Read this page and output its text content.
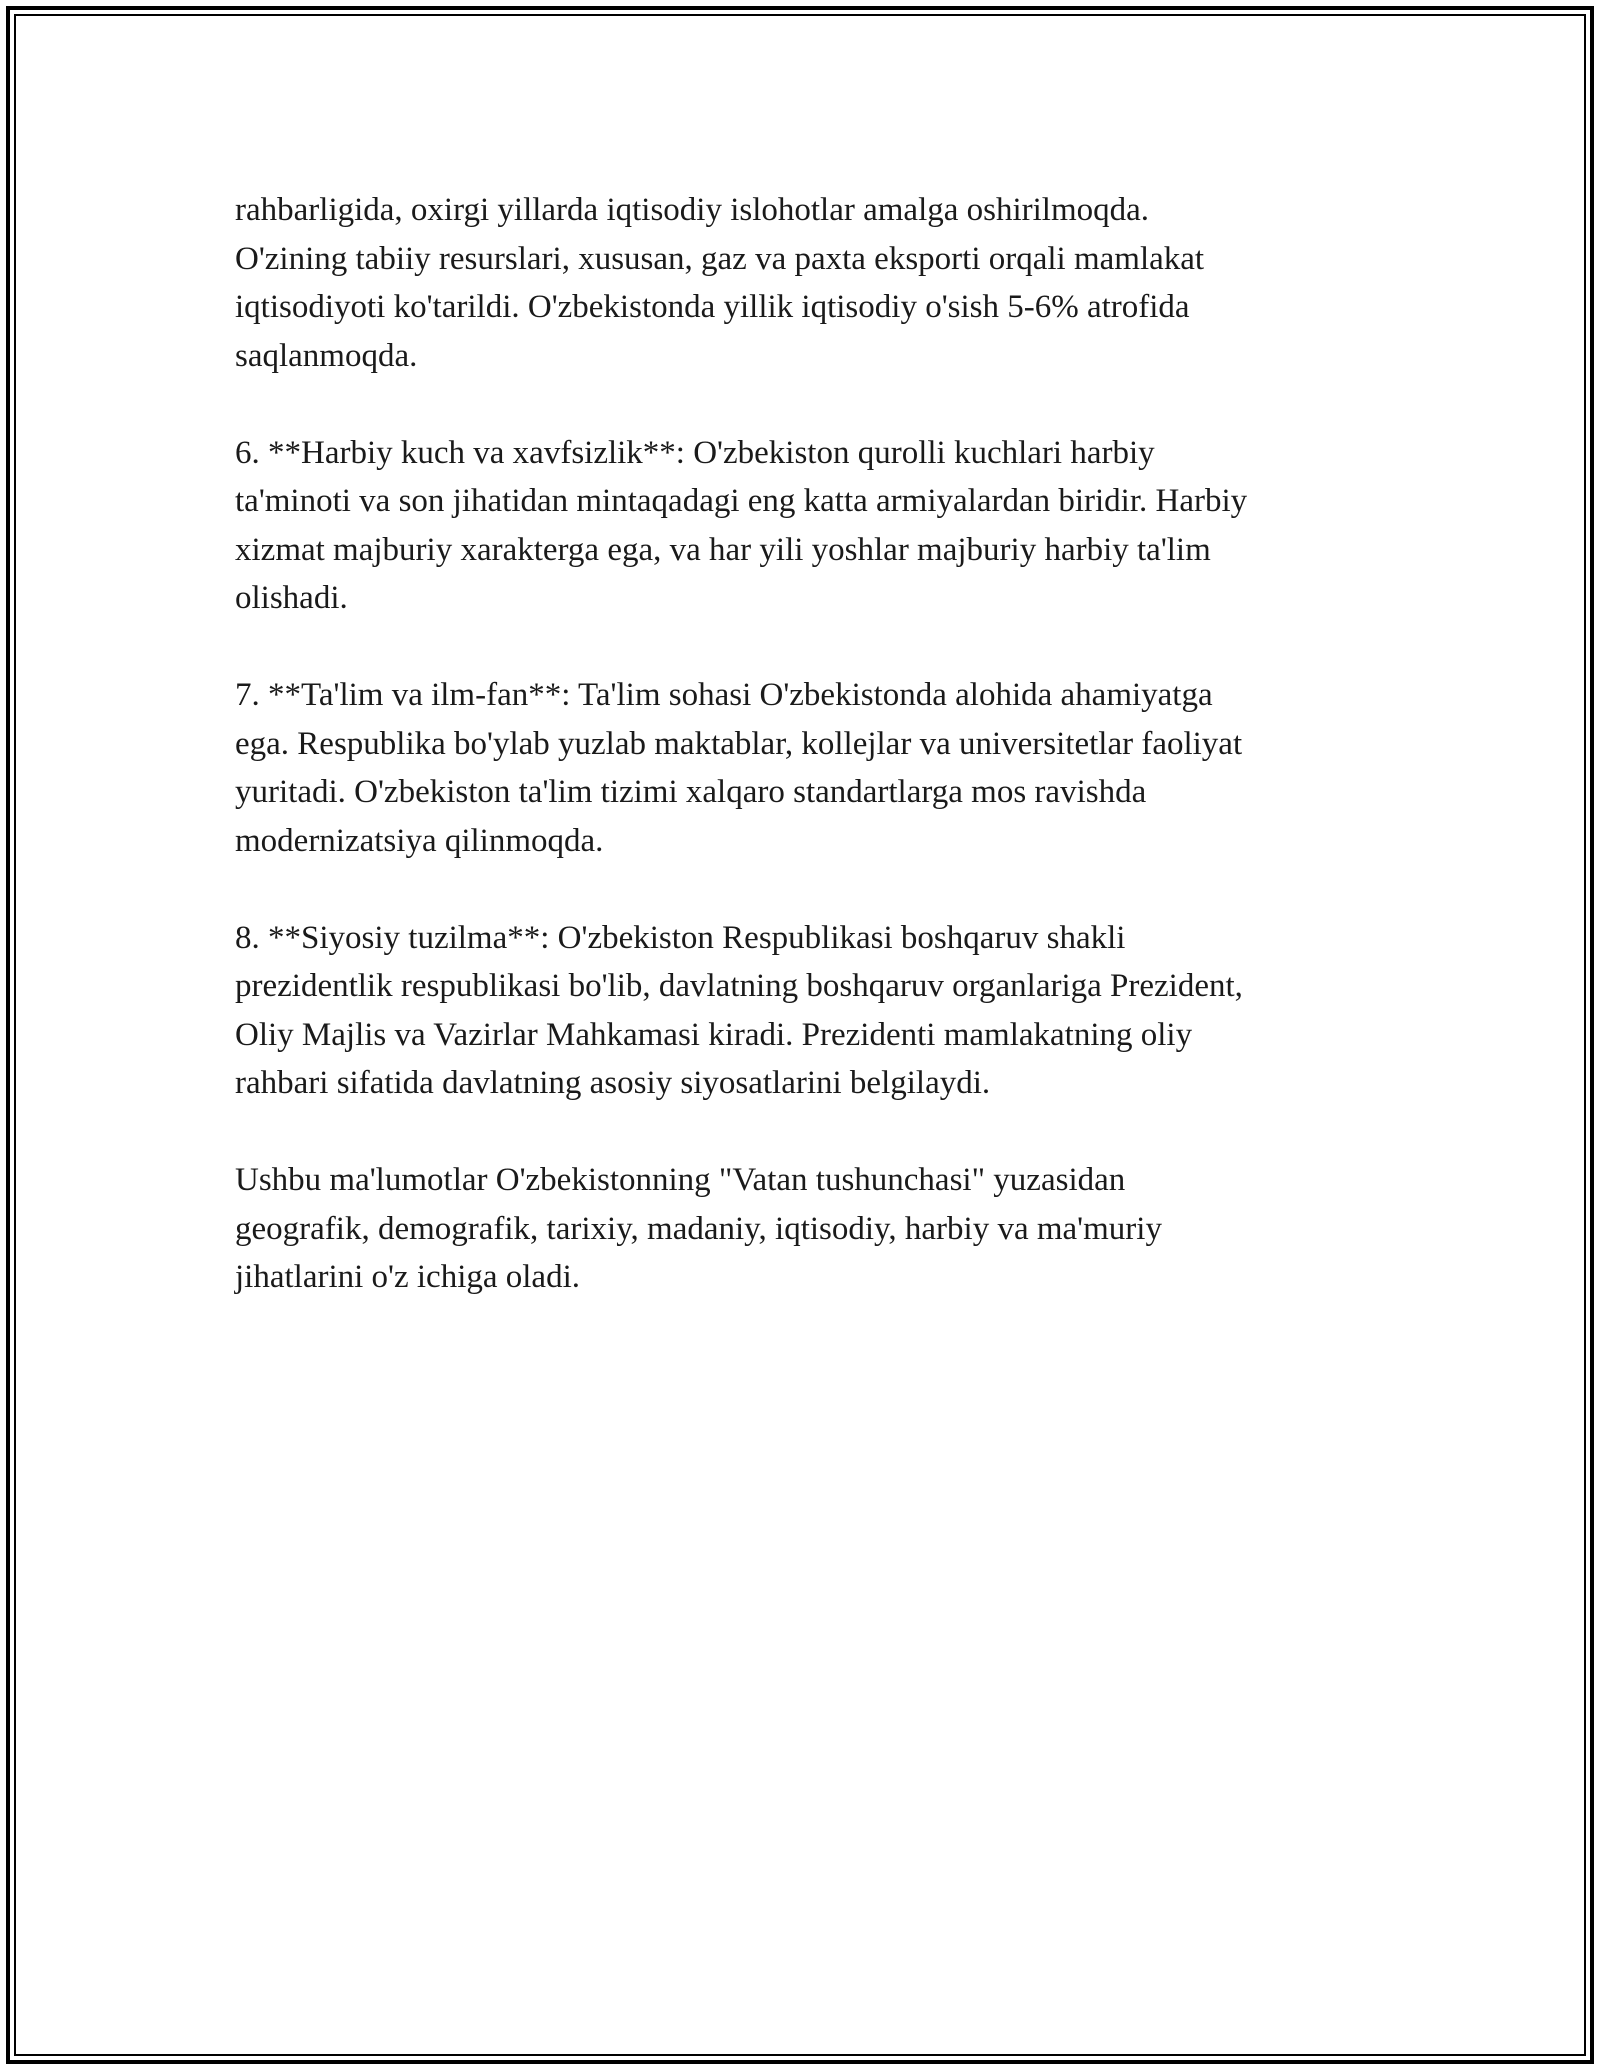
rahbarligida, oxirgi yillarda iqtisodiy islohotlar amalga oshirilmoqda.
O'zining tabiiy resurslari, xususan, gaz va paxta eksporti orqali mamlakat
iqtisodiyoti ko'tarildi. O'zbekistonda yillik iqtisodiy o'sish 5-6% atrofida
saqlanmoqda.

6. **Harbiy kuch va xavfsizlik**: O'zbekiston qurolli kuchlari harbiy
ta'minoti va son jihatidan mintaqadagi eng katta armiyalardan biridir. Harbiy
xizmat majburiy xarakterga ega, va har yili yoshlar majburiy harbiy ta'lim
olishadi.

7. **Ta'lim va ilm-fan**: Ta'lim sohasi O'zbekistonda alohida ahamiyatga
ega. Respublika bo'ylab yuzlab maktablar, kollejlar va universitetlar faoliyat
yuritadi. O'zbekiston ta'lim tizimi xalqaro standartlarga mos ravishda
modernizatsiya qilinmoqda.

8. **Siyosiy tuzilma**: O'zbekiston Respublikasi boshqaruv shakli
prezidentlik respublikasi bo'lib, davlatning boshqaruv organlariga Prezident,
Oliy Majlis va Vazirlar Mahkamasi kiradi. Prezidenti mamlakatning oliy
rahbari sifatida davlatning asosiy siyosatlarini belgilaydi.

Ushbu ma'lumotlar O'zbekistonning "Vatan tushunchasi" yuzasidan
geografik, demografik, tarixiy, madaniy, iqtisodiy, harbiy va ma'muriy
jihatlarini o'z ichiga oladi.
